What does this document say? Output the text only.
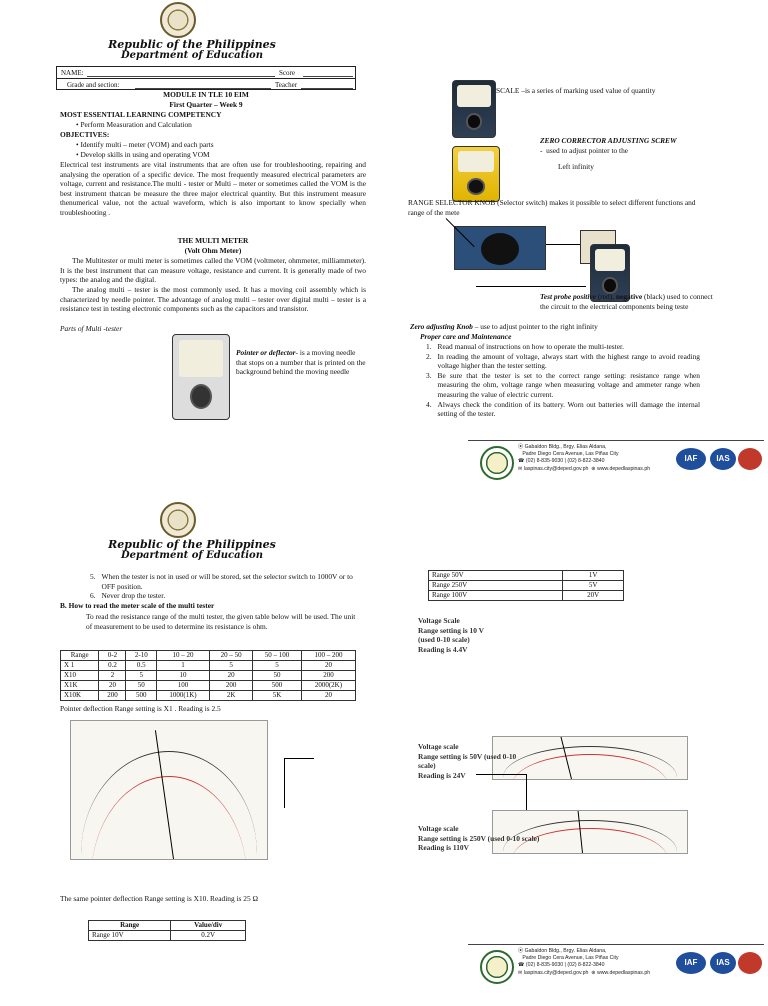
Republic of the Philippines
Department of Education
NAME:	Score
Grade and section:	Teacher
MODULE IN TLE 10 EIM
First Quarter – Week 9
MOST ESSENTIAL LEARNING COMPETENCY
• Perform Measuration and Calculation
OBJECTIVES:
• Identify multi – meter (VOM) and each parts
• Develop skills in using and operating VOM
Electrical test instruments are vital instruments that are often use for troubleshooting, repairing and analysing the operation of a specific device. The most frequently measured electrical parameters are voltage, current and resistance.The multi - tester or Multi – meter or sometimes called the VOM is the best instrument thatcan be measure the three major electrical quantity. But this instrument measure thenumerical value, not the actual waveform, which is also important to know specially when troubleshooting .
THE MULTI METER
(Volt Ohm Meter)
The Multitester or multi meter is sometimes called the VOM (voltmeter, ohmmeter, milliammeter). It is the best instrument that can measure voltage, resistance and current. It is generally made of two types: the analog and the digital.
The analog multi – tester is the most commonly used. It has a moving coil assembly which is characterized by needle pointer. The advantage of analog multi – tester over digital multi – tester is a resistance test in testing electronic components such as the capacitors and transistor.
Parts of Multi -tester
Pointer or deflector- is a moving needle that stops on a number that is printed on the background behind the moving needle
SCALE –is a series of marking used value of quantity
ZERO CORRECTOR ADJUSTING SCREW
-  used to adjust pointer to the
Left infinity
RANGE SELECTOR KNOB (Selector switch) makes it possible to select different functions and range of the mete
Test probe positive (red), negative (black) used to connect the circuit to the electrical components being teste
Zero adjusting Knob – use to adjust pointer to the right infinity
Proper care and Maintenance
1. Read manual of instructions on how to operate the multi-tester.
2. In reading the amount of voltage, always start with the highest range to avoid reading voltage higher than the tester setting.
3. Be sure that the tester is set to the correct range setting: resistance range when measuring the ohm, voltage range when measuring voltage and ammeter range when measuring the value of electric current.
4. Always check the condition of its battery. Worn out batteries will damage the internal setting of the tester.
⦿ Gabaldon Bldg., Brgy. Elias Aldana,
Padre Diego Cera Avenue, Las Piñas City
☎ (02) 8-835-9030 | (02) 8-822-3840
✉ laspinas.city@deped.gov.ph  ⊕ www.depedlaspinas.ph
IAF	IAS
Republic of the Philippines
Department of Education
5. When the tester is not in used or will be stored, set the selector switch to 1000V or to OFF position.
6. Never drop the tester.
B. How to read the meter scale of the multi tester
To read the resistance range of the multi tester, the given table below will be used. The unit of measurement to be used to determine its resistance is ohm.
Range	0-2	2-10	10 – 20	20 – 50	50 – 100	100 – 200
X 1	0.2	0.5	1	5	5	20
X10	2	5	10	20	50	200
X1K	20	50	100	200	500	2000(2K)
X10K	200	500	1000(1K)	2K	5K	20
Pointer deflection Range setting is X1 . Reading is 2.5
The same pointer deflection Range setting is X10. Reading is 25 Ω
Range	Value/div
Range 10V	0.2V
Range 50V	1V
Range 250V	5V
Range 100V	20V
Voltage Scale
Range setting is 10 V
(used 0-10 scale)
Reading is 4.4V
Voltage scale
Range setting is 50V (used 0-10
scale)
Reading is 24V
Voltage scale
Range setting is 250V (used 0-10 scale)
Reading is 110V
⦿ Gabaldon Bldg., Brgy. Elias Aldana,
Padre Diego Cera Avenue, Las Piñas City
☎ (02) 8-835-9030 | (02) 8-822-3840
✉ laspinas.city@deped.gov.ph  ⊕ www.depedlaspinas.ph
IAF	IAS
